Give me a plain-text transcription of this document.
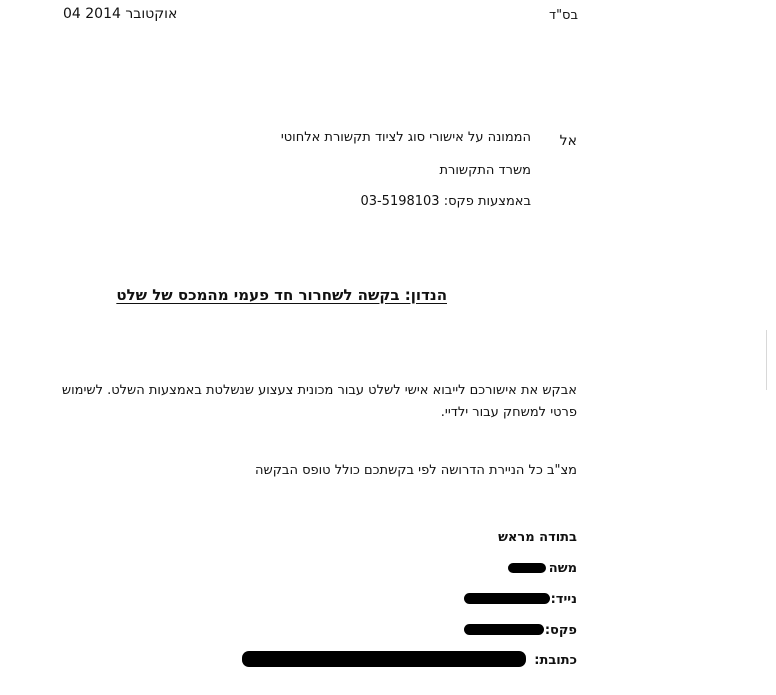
04 אוקטובר 2014	בס"ד
אל
הממונה על אישורי סוג לציוד תקשורת אלחוטי
משרד התקשורת
באמצעות פקס: 03-5198103
הנדון: בקשה לשחרור חד פעמי מהמכס של שלט
אבקש את אישורכם לייבוא אישי לשלט עבור מכונית צעצוע שנשלטת באמצעות השלט. לשימוש
פרטי למשחק עבור ילדיי.
מצ"ב כל הניירת הדרושה לפי בקשתכם כולל טופס הבקשה
בתודה מראש
משה
נייד:
פקס:
כתובת:
